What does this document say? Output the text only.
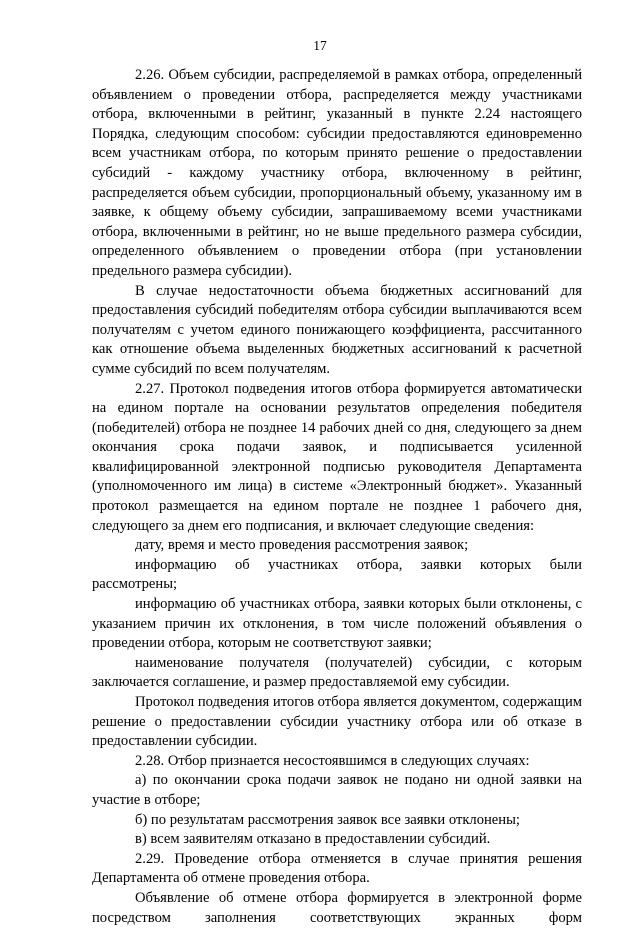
17

2.26. Объем субсидии, распределяемой в рамках отбора, определенный объявлением о проведении отбора, распределяется между участниками отбора, включенными в рейтинг, указанный в пункте 2.24 настоящего Порядка, следующим способом: субсидии предоставляются единовременно всем участникам отбора, по которым принято решение о предоставлении субсидий - каждому участнику отбора, включенному в рейтинг, распределяется объем субсидии, пропорциональный объему, указанному им в заявке, к общему объему субсидии, запрашиваемому всеми участниками отбора, включенными в рейтинг, но не выше предельного размера субсидии, определенного объявлением о проведении отбора (при установлении предельного размера субсидии).

В случае недостаточности объема бюджетных ассигнований для предоставления субсидий победителям отбора субсидии выплачиваются всем получателям с учетом единого понижающего коэффициента, рассчитанного как отношение объема выделенных бюджетных ассигнований к расчетной сумме субсидий по всем получателям.

2.27. Протокол подведения итогов отбора формируется автоматически на едином портале на основании результатов определения победителя (победителей) отбора не позднее 14 рабочих дней со дня, следующего за днем окончания срока подачи заявок, и подписывается усиленной квалифицированной электронной подписью руководителя Департамента (уполномоченного им лица) в системе «Электронный бюджет». Указанный протокол размещается на едином портале не позднее 1 рабочего дня, следующего за днем его подписания, и включает следующие сведения:

дату, время и место проведения рассмотрения заявок;

информацию об участниках отбора, заявки которых были рассмотрены;

информацию об участниках отбора, заявки которых были отклонены, с указанием причин их отклонения, в том числе положений объявления о проведении отбора, которым не соответствуют заявки;

наименование получателя (получателей) субсидии, с которым заключается соглашение, и размер предоставляемой ему субсидии.

Протокол подведения итогов отбора является документом, содержащим решение о предоставлении субсидии участнику отбора или об отказе в предоставлении субсидии.

2.28. Отбор признается несостоявшимся в следующих случаях:

а) по окончании срока подачи заявок не подано ни одной заявки на участие в отборе;

б) по результатам рассмотрения заявок все заявки отклонены;

в) всем заявителям отказано в предоставлении субсидий.

2.29. Проведение отбора отменяется в случае принятия решения Департамента об отмене проведения отбора.

Объявление об отмене отбора формируется в электронной форме посредством заполнения соответствующих экранных форм
